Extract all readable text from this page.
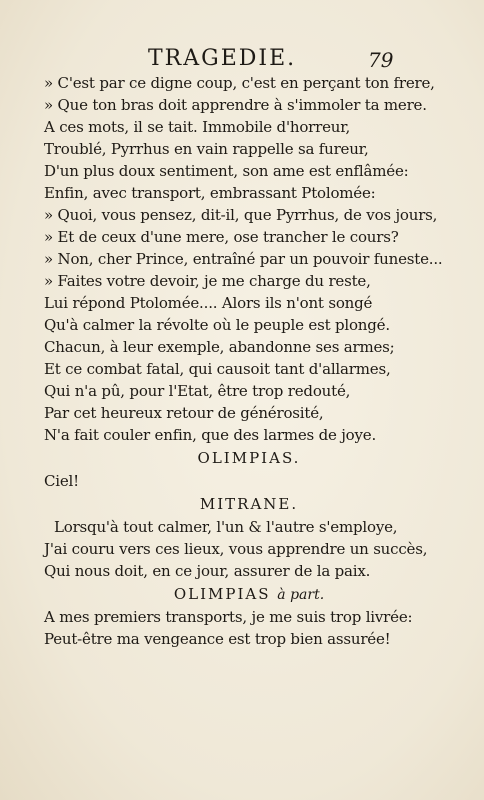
TRAGEDIE.	79
» C'est par ce digne coup, c'est en perçant ton frere,
» Que ton bras doit apprendre à s'immoler ta mere.
A ces mots, il se tait. Immobile d'horreur,
Troublé, Pyrrhus en vain rappelle sa fureur,
D'un plus doux sentiment, son ame est enflâmée:
Enfin, avec transport, embrassant Ptolomée:
» Quoi, vous pensez, dit-il, que Pyrrhus, de vos jours,
» Et de ceux d'une mere, ose trancher le cours?
» Non, cher Prince, entraîné par un pouvoir funeste...
» Faites votre devoir, je me charge du reste,
Lui répond Ptolomée.... Alors ils n'ont songé
Qu'à calmer la révolte où le peuple est plongé.
Chacun, à leur exemple, abandonne ses armes;
Et ce combat fatal, qui causoit tant d'allarmes,
Qui n'a pû, pour l'Etat, être trop redouté,
Par cet heureux retour de générosité,
N'a fait couler enfin, que des larmes de joye.
OLIMPIAS.
Ciel!
MITRANE.
Lorsqu'à tout calmer, l'un & l'autre s'employe,
J'ai couru vers ces lieux, vous apprendre un succès,
Qui nous doit, en ce jour, assurer de la paix.
OLIMPIAS à part.
A mes premiers transports, je me suis trop livrée:
Peut-être ma vengeance est trop bien assurée!
